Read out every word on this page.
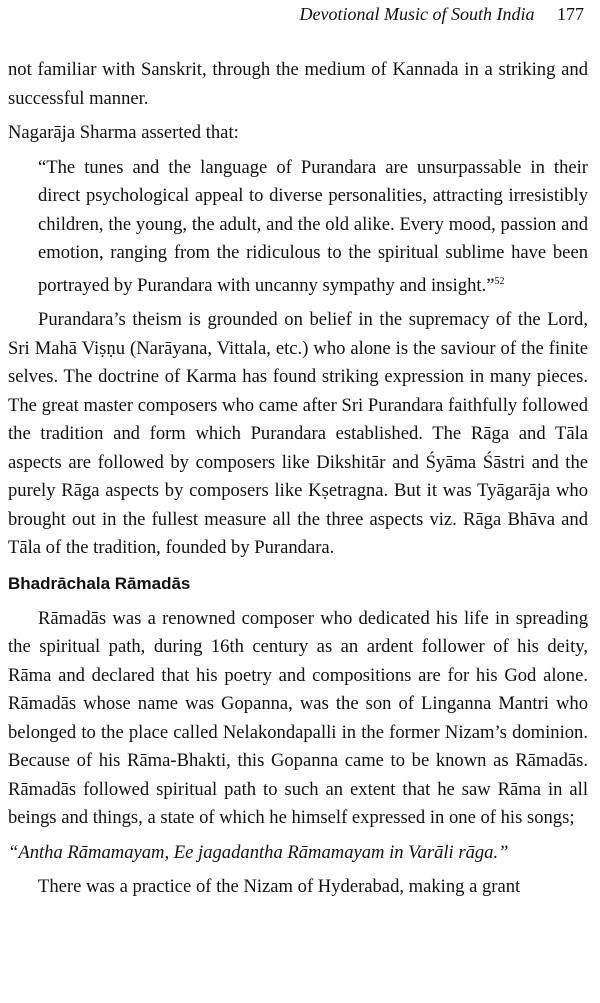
Devotional Music of South India 177

not familiar with Sanskrit, through the medium of Kannada in a striking and successful manner.

Nagarāja Sharma asserted that:

“The tunes and the language of Purandara are unsurpassable in their direct psychological appeal to diverse personalities, attracting irresistibly children, the young, the adult, and the old alike. Every mood, passion and emotion, ranging from the ridiculous to the spiritual sublime have been portrayed by Purandara with uncanny sympathy and insight.”$^{52}$

Purandara’s theism is grounded on belief in the supremacy of the Lord, Sri Mahā Viṣṇu (Narāyana, Vittala, etc.) who alone is the saviour of the finite selves. The doctrine of Karma has found striking expression in many pieces. The great master composers who came after Sri Purandara faithfully followed the tradition and form which Purandara established. The Rāga and Tāla aspects are followed by composers like Dikshitār and Śyāma Śāstri and the purely Rāga aspects by composers like Kṣetragna. But it was Tyāgarāja who brought out in the fullest measure all the three aspects viz. Rāga Bhāva and Tāla of the tradition, founded by Purandara.

Bhadrāchala Rāmadās

Rāmadās was a renowned composer who dedicated his life in spreading the spiritual path, during 16th century as an ardent follower of his deity, Rāma and declared that his poetry and compositions are for his God alone. Rāmadās whose name was Gopanna, was the son of Linganna Mantri who belonged to the place called Nelakondapalli in the former Nizam’s dominion. Because of his Rāma-Bhakti, this Gopanna came to be known as Rāmadās. Rāmadās followed spiritual path to such an extent that he saw Rāma in all beings and things, a state of which he himself expressed in one of his songs;

“Antha Rāmamayam, Ee jagadantha Rāmamayam in Varāli rāga.”

There was a practice of the Nizam of Hyderabad, making a grant
